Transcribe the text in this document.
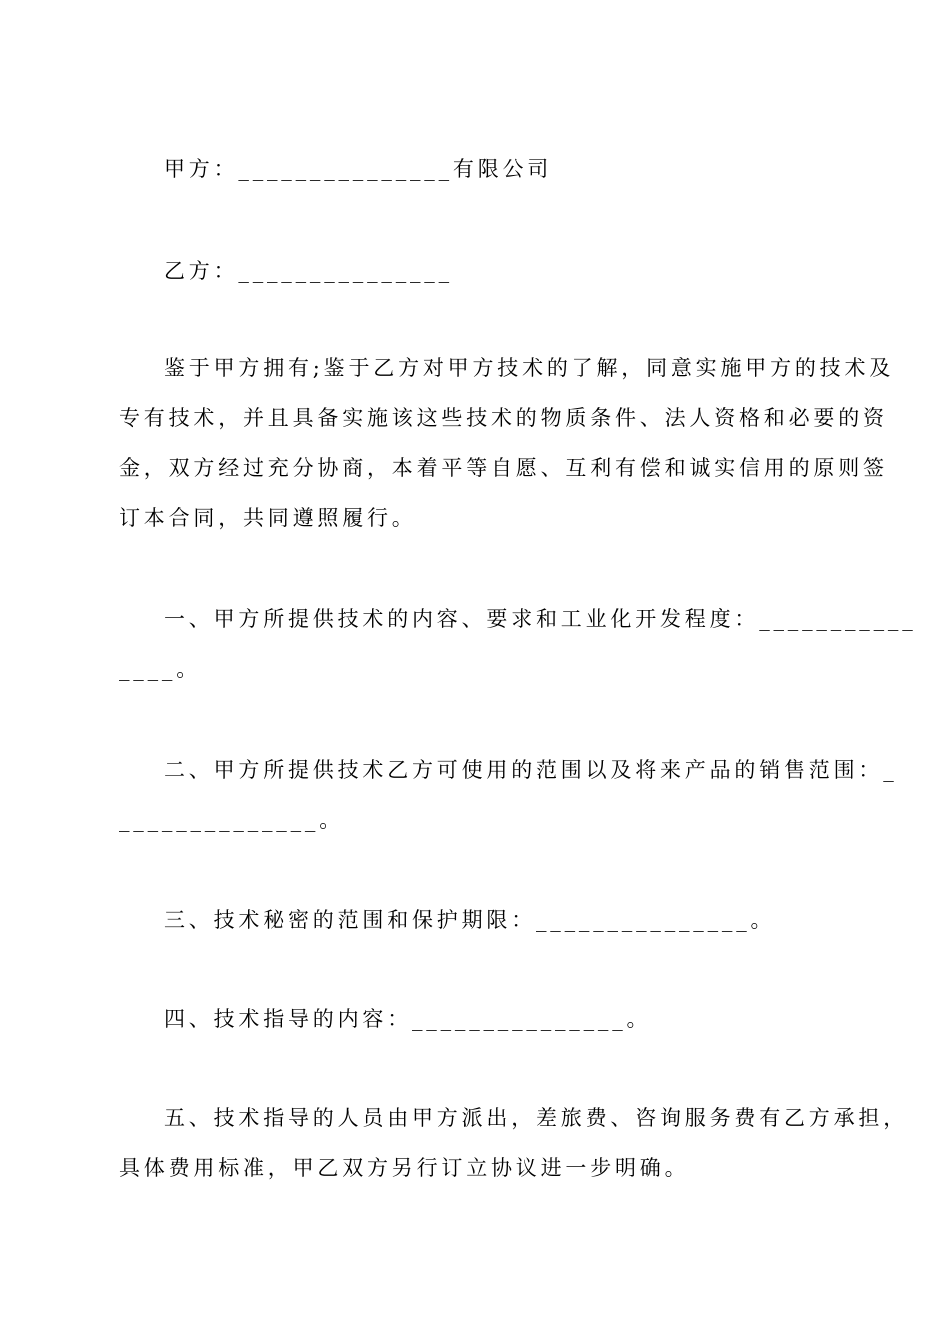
甲方：_______________有限公司
乙方：_______________
鉴于甲方拥有;鉴于乙方对甲方技术的了解，同意实施甲方的技术及
专有技术，并且具备实施该这些技术的物质条件、法人资格和必要的资
金，双方经过充分协商，本着平等自愿、互利有偿和诚实信用的原则签
订本合同，共同遵照履行。
一、甲方所提供技术的内容、要求和工业化开发程度：___________
____。
二、甲方所提供技术乙方可使用的范围以及将来产品的销售范围：_
______________。
三、技术秘密的范围和保护期限：_______________。
四、技术指导的内容：_______________。
五、技术指导的人员由甲方派出，差旅费、咨询服务费有乙方承担，
具体费用标准，甲乙双方另行订立协议进一步明确。
